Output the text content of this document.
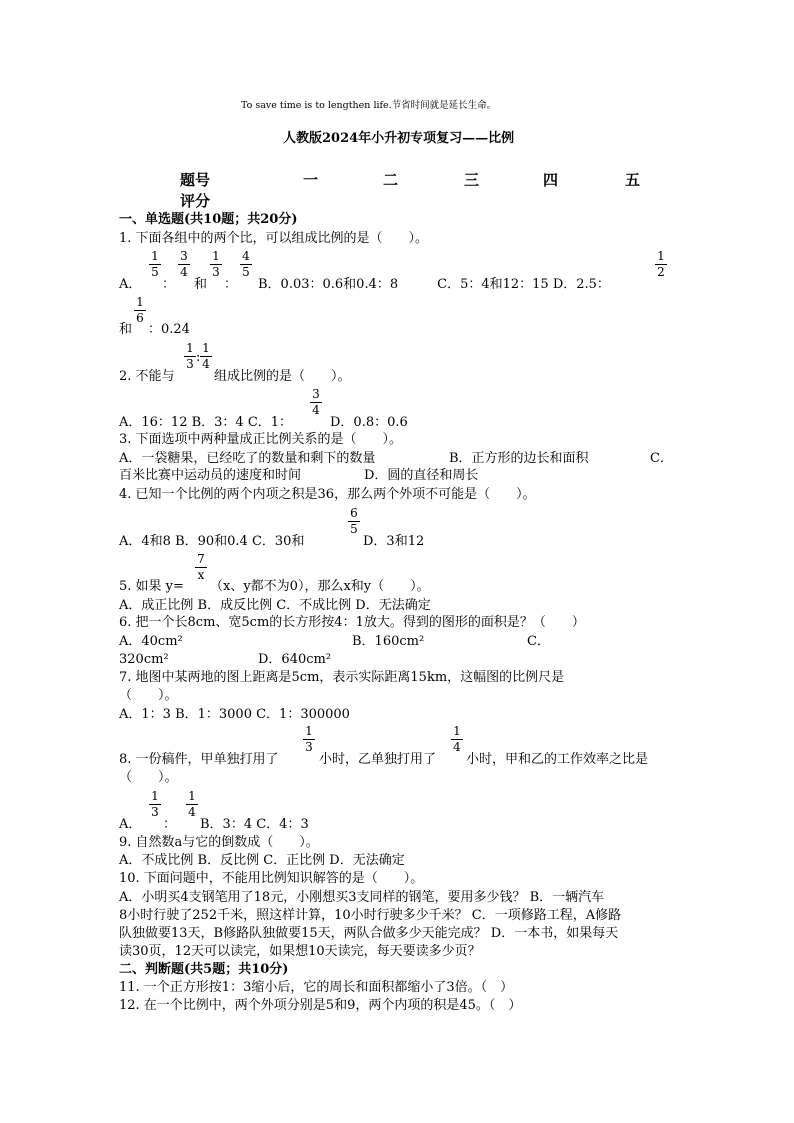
To save time is to lengthen life.节省时间就是延长生命。
人教版2024年小升初专项复习——比例
题号	一	二	三	四	五
评分
一、单选题(共10题；共20分)
1. 下面各组中的两个比，可以组成比例的是（　　）。
A．
$\frac{1}{5}$
：
$\frac{3}{4}$
和
$\frac{1}{3}$
：
$\frac{4}{5}$
B．0.03：0.6和0.4：8　　　C．5：4和12：15 D．2.5：
$\frac{1}{2}$
和
$\frac{1}{6}$
：0.24
2. 不能与
$\frac{1}{3}$ : $\frac{1}{4}$
组成比例的是（　　）。
A．16：12 B．3：4 C．1：
$\frac{3}{4}$
D．0.8：0.6
3. 下面选项中两种量成正比例关系的是（　　）。
A．一袋糖果，已经吃了的数量和剩下的数量	B．正方形的边长和面积	C．
百米比赛中运动员的速度和时间	D．圆的直径和周长
4. 已知一个比例的两个内项之积是36，那么两个外项不可能是（　　）。
A．4和8 B．90和0.4 C．30和
$\frac{6}{5}$
D．3和12
5. 如果 y=
$\frac{7}{x}$
（x、y都不为0），那么x和y（　　）。
A．成正比例 B．成反比例 C．不成比例 D．无法确定
6. 把一个长8cm、宽5cm的长方形按4：1放大。得到的图形的面积是？（　　）
A．40cm²	B．160cm²	C．
320cm²	D．640cm²
7. 地图中某两地的图上距离是5cm，表示实际距离15km，这幅图的比例尺是
（　　）。
A．1：3 B．1：3000 C．1：300000
8. 一份稿件，甲单独打用了
$\frac{1}{3}$
小时，乙单独打用了
$\frac{1}{4}$
小时，甲和乙的工作效率之比是
（　　）。
A．
$\frac{1}{3}$
：
$\frac{1}{4}$
B．3：4 C．4：3
9. 自然数a与它的倒数成（　　）。
A．不成比例 B．反比例 C．正比例 D．无法确定
10. 下面问题中，不能用比例知识解答的是（　　）。
A．小明买4支钢笔用了18元，小刚想买3支同样的钢笔，要用多少钱？ B．一辆汽车
8小时行驶了252千米，照这样计算，10小时行驶多少千米？ C．一项修路工程，A修路
队独做要13天，B修路队独做要15天，两队合做多少天能完成？ D．一本书，如果每天
读30页，12天可以读完，如果想10天读完，每天要读多少页？
二、判断题(共5题；共10分)
11. 一个正方形按1：3缩小后，它的周长和面积都缩小了3倍。（　）
12. 在一个比例中，两个外项分别是5和9，两个内项的积是45。（　）
